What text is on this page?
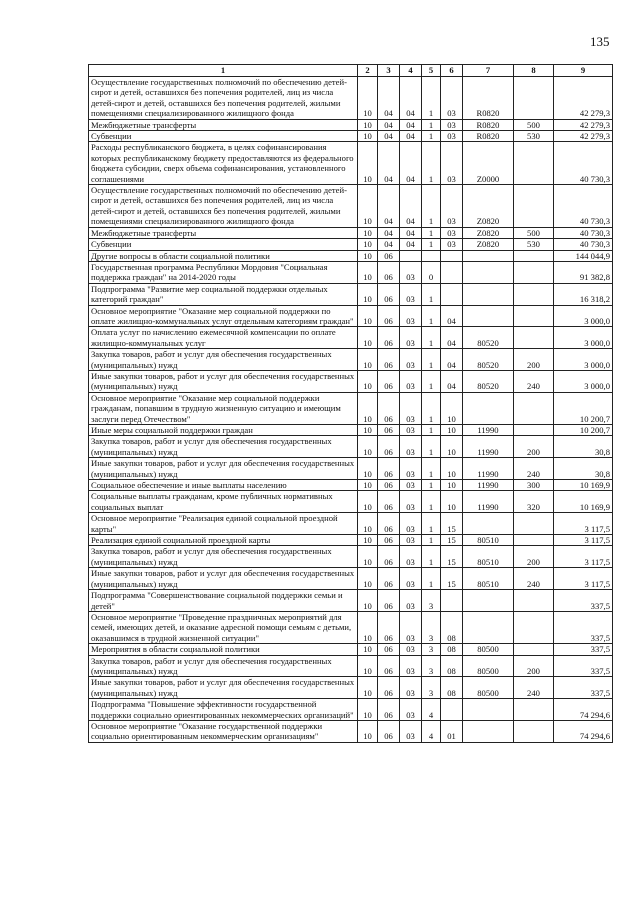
135
1	2	3	4	5	6	7	8	9
Осуществление государственных полномочий по обеспечению детей-сирот и детей, оставшихся без попечения родителей, лиц из числа детей-сирот и детей, оставшихся без попечения родителей, жилыми помещениями специализированного жилищного фонда	10	04	04	1	03	R0820		42 279,3
Межбюджетные трансферты	10	04	04	1	03	R0820	500	42 279,3
Субвенции	10	04	04	1	03	R0820	530	42 279,3
Расходы республиканского бюджета, в целях софинансирования которых республиканскому бюджету предоставляются из федерального бюджета субсидии, сверх объема софинансирования, установленного соглашениями	10	04	04	1	03	Z0000		40 730,3
Осуществление государственных полномочий по обеспечению детей-сирот и детей, оставшихся без попечения родителей, лиц из числа детей-сирот и детей, оставшихся без попечения родителей, жилыми помещениями специализированного жилищного фонда	10	04	04	1	03	Z0820		40 730,3
Межбюджетные трансферты	10	04	04	1	03	Z0820	500	40 730,3
Субвенции	10	04	04	1	03	Z0820	530	40 730,3
Другие вопросы в области социальной политики	10	06						144 044,9
Государственная программа Республики Мордовия "Социальная поддержка граждан" на 2014-2020 годы	10	06	03	0				91 382,8
Подпрограмма "Развитие мер социальной поддержки отдельных категорий граждан"	10	06	03	1				16 318,2
Основное мероприятие "Оказание мер социальной поддержки по оплате жилищно-коммунальных услуг отдельным категориям граждан"	10	06	03	1	04			3 000,0
Оплата услуг по начислению ежемесячной компенсации по оплате жилищно-коммунальных услуг	10	06	03	1	04	80520		3 000,0
Закупка товаров, работ и услуг для обеспечения государственных (муниципальных) нужд	10	06	03	1	04	80520	200	3 000,0
Иные закупки товаров, работ и услуг для обеспечения государственных (муниципальных) нужд	10	06	03	1	04	80520	240	3 000,0
Основное мероприятие "Оказание мер социальной поддержки гражданам, попавшим в трудную жизненную ситуацию и имеющим заслуги перед Отечеством"	10	06	03	1	10			10 200,7
Иные меры социальной поддержки граждан	10	06	03	1	10	11990		10 200,7
Закупка товаров, работ и услуг для обеспечения государственных (муниципальных) нужд	10	06	03	1	10	11990	200	30,8
Иные закупки товаров, работ и услуг для обеспечения государственных (муниципальных) нужд	10	06	03	1	10	11990	240	30,8
Социальное обеспечение и иные выплаты населению	10	06	03	1	10	11990	300	10 169,9
Социальные выплаты гражданам, кроме публичных нормативных социальных выплат	10	06	03	1	10	11990	320	10 169,9
Основное мероприятие "Реализация единой социальной проездной карты"	10	06	03	1	15			3 117,5
Реализация единой социальной проездной карты	10	06	03	1	15	80510		3 117,5
Закупка товаров, работ и услуг для обеспечения государственных (муниципальных) нужд	10	06	03	1	15	80510	200	3 117,5
Иные закупки товаров, работ и услуг для обеспечения государственных (муниципальных) нужд	10	06	03	1	15	80510	240	3 117,5
Подпрограмма "Совершенствование социальной поддержки семьи и детей"	10	06	03	3				337,5
Основное мероприятие "Проведение праздничных мероприятий для семей, имеющих детей, и оказание адресной помощи семьям с детьми, оказавшимся в трудной жизненной ситуации"	10	06	03	3	08			337,5
Мероприятия в области социальной политики	10	06	03	3	08	80500		337,5
Закупка товаров, работ и услуг для обеспечения государственных (муниципальных) нужд	10	06	03	3	08	80500	200	337,5
Иные закупки товаров, работ и услуг для обеспечения государственных (муниципальных) нужд	10	06	03	3	08	80500	240	337,5
Подпрограмма "Повышение эффективности государственной поддержки социально ориентированных некоммерческих организаций"	10	06	03	4				74 294,6
Основное мероприятие "Оказание государственной поддержки социально ориентированным некоммерческим организациям"	10	06	03	4	01			74 294,6
